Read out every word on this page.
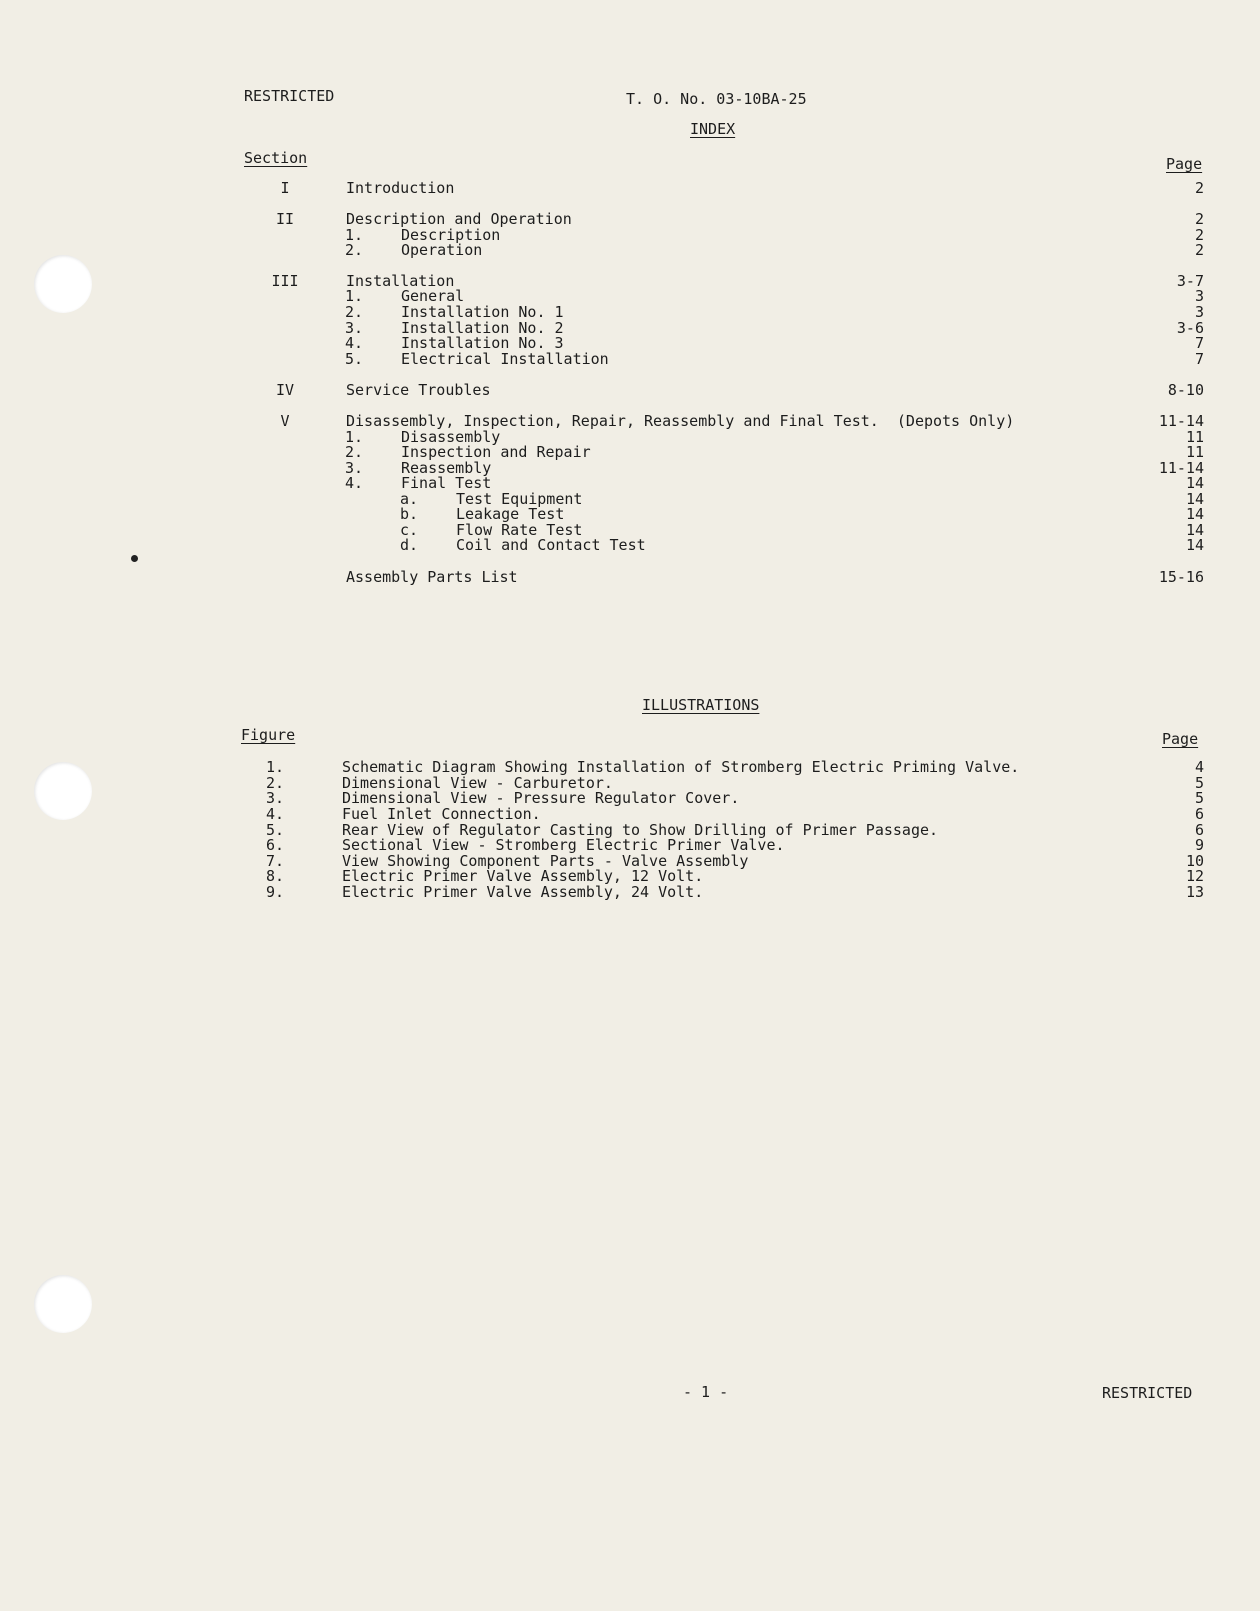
RESTRICTED	T. O. No. 03-10BA-25
INDEX
Section	Page
I	Introduction	2
II	Description and Operation	2
1.	Description	2
2.	Operation	2
III	Installation	3-7
1.	General	3
2.	Installation No. 1	3
3.	Installation No. 2	3-6
4.	Installation No. 3	7
5.	Electrical Installation	7
IV	Service Troubles	8-10
V	Disassembly, Inspection, Repair, Reassembly and Final Test.  (Depots Only)	11-14
1.	Disassembly	11
2.	Inspection and Repair	11
3.	Reassembly	11-14
4.	Final Test	14
a.	Test Equipment	14
b.	Leakage Test	14
c.	Flow Rate Test	14
d.	Coil and Contact Test	14
Assembly Parts List	15-16
ILLUSTRATIONS
Figure	Page
1.	Schematic Diagram Showing Installation of Stromberg Electric Priming Valve.	4
2.	Dimensional View - Carburetor.	5
3.	Dimensional View - Pressure Regulator Cover.	5
4.	Fuel Inlet Connection.	6
5.	Rear View of Regulator Casting to Show Drilling of Primer Passage.	6
6.	Sectional View - Stromberg Electric Primer Valve.	9
7.	View Showing Component Parts - Valve Assembly	10
8.	Electric Primer Valve Assembly, 12 Volt.	12
9.	Electric Primer Valve Assembly, 24 Volt.	13
- 1 -	RESTRICTED
